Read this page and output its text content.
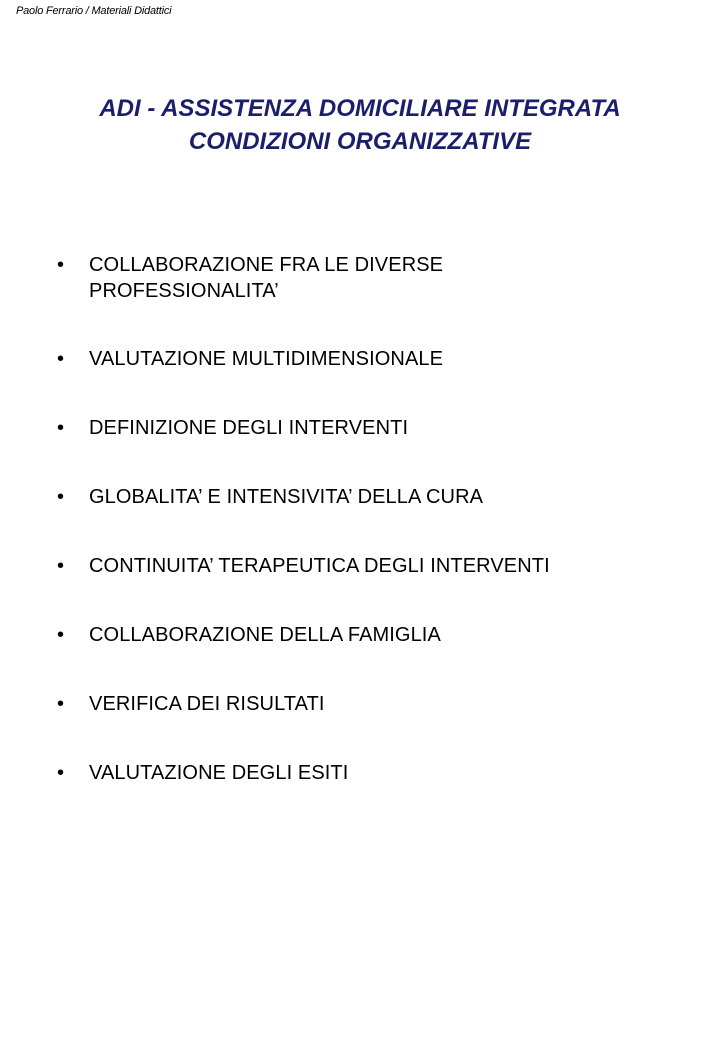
Paolo Ferrario / Materiali Didattici
ADI - ASSISTENZA DOMICILIARE INTEGRATA
CONDIZIONI ORGANIZZATIVE
•	COLLABORAZIONE FRA LE DIVERSE
PROFESSIONALITA’
•	VALUTAZIONE MULTIDIMENSIONALE
•	DEFINIZIONE DEGLI INTERVENTI
•	GLOBALITA’ E INTENSIVITA’ DELLA CURA
•	CONTINUITA’ TERAPEUTICA DEGLI INTERVENTI
•	COLLABORAZIONE DELLA FAMIGLIA
•	VERIFICA DEI RISULTATI
•	VALUTAZIONE DEGLI ESITI
